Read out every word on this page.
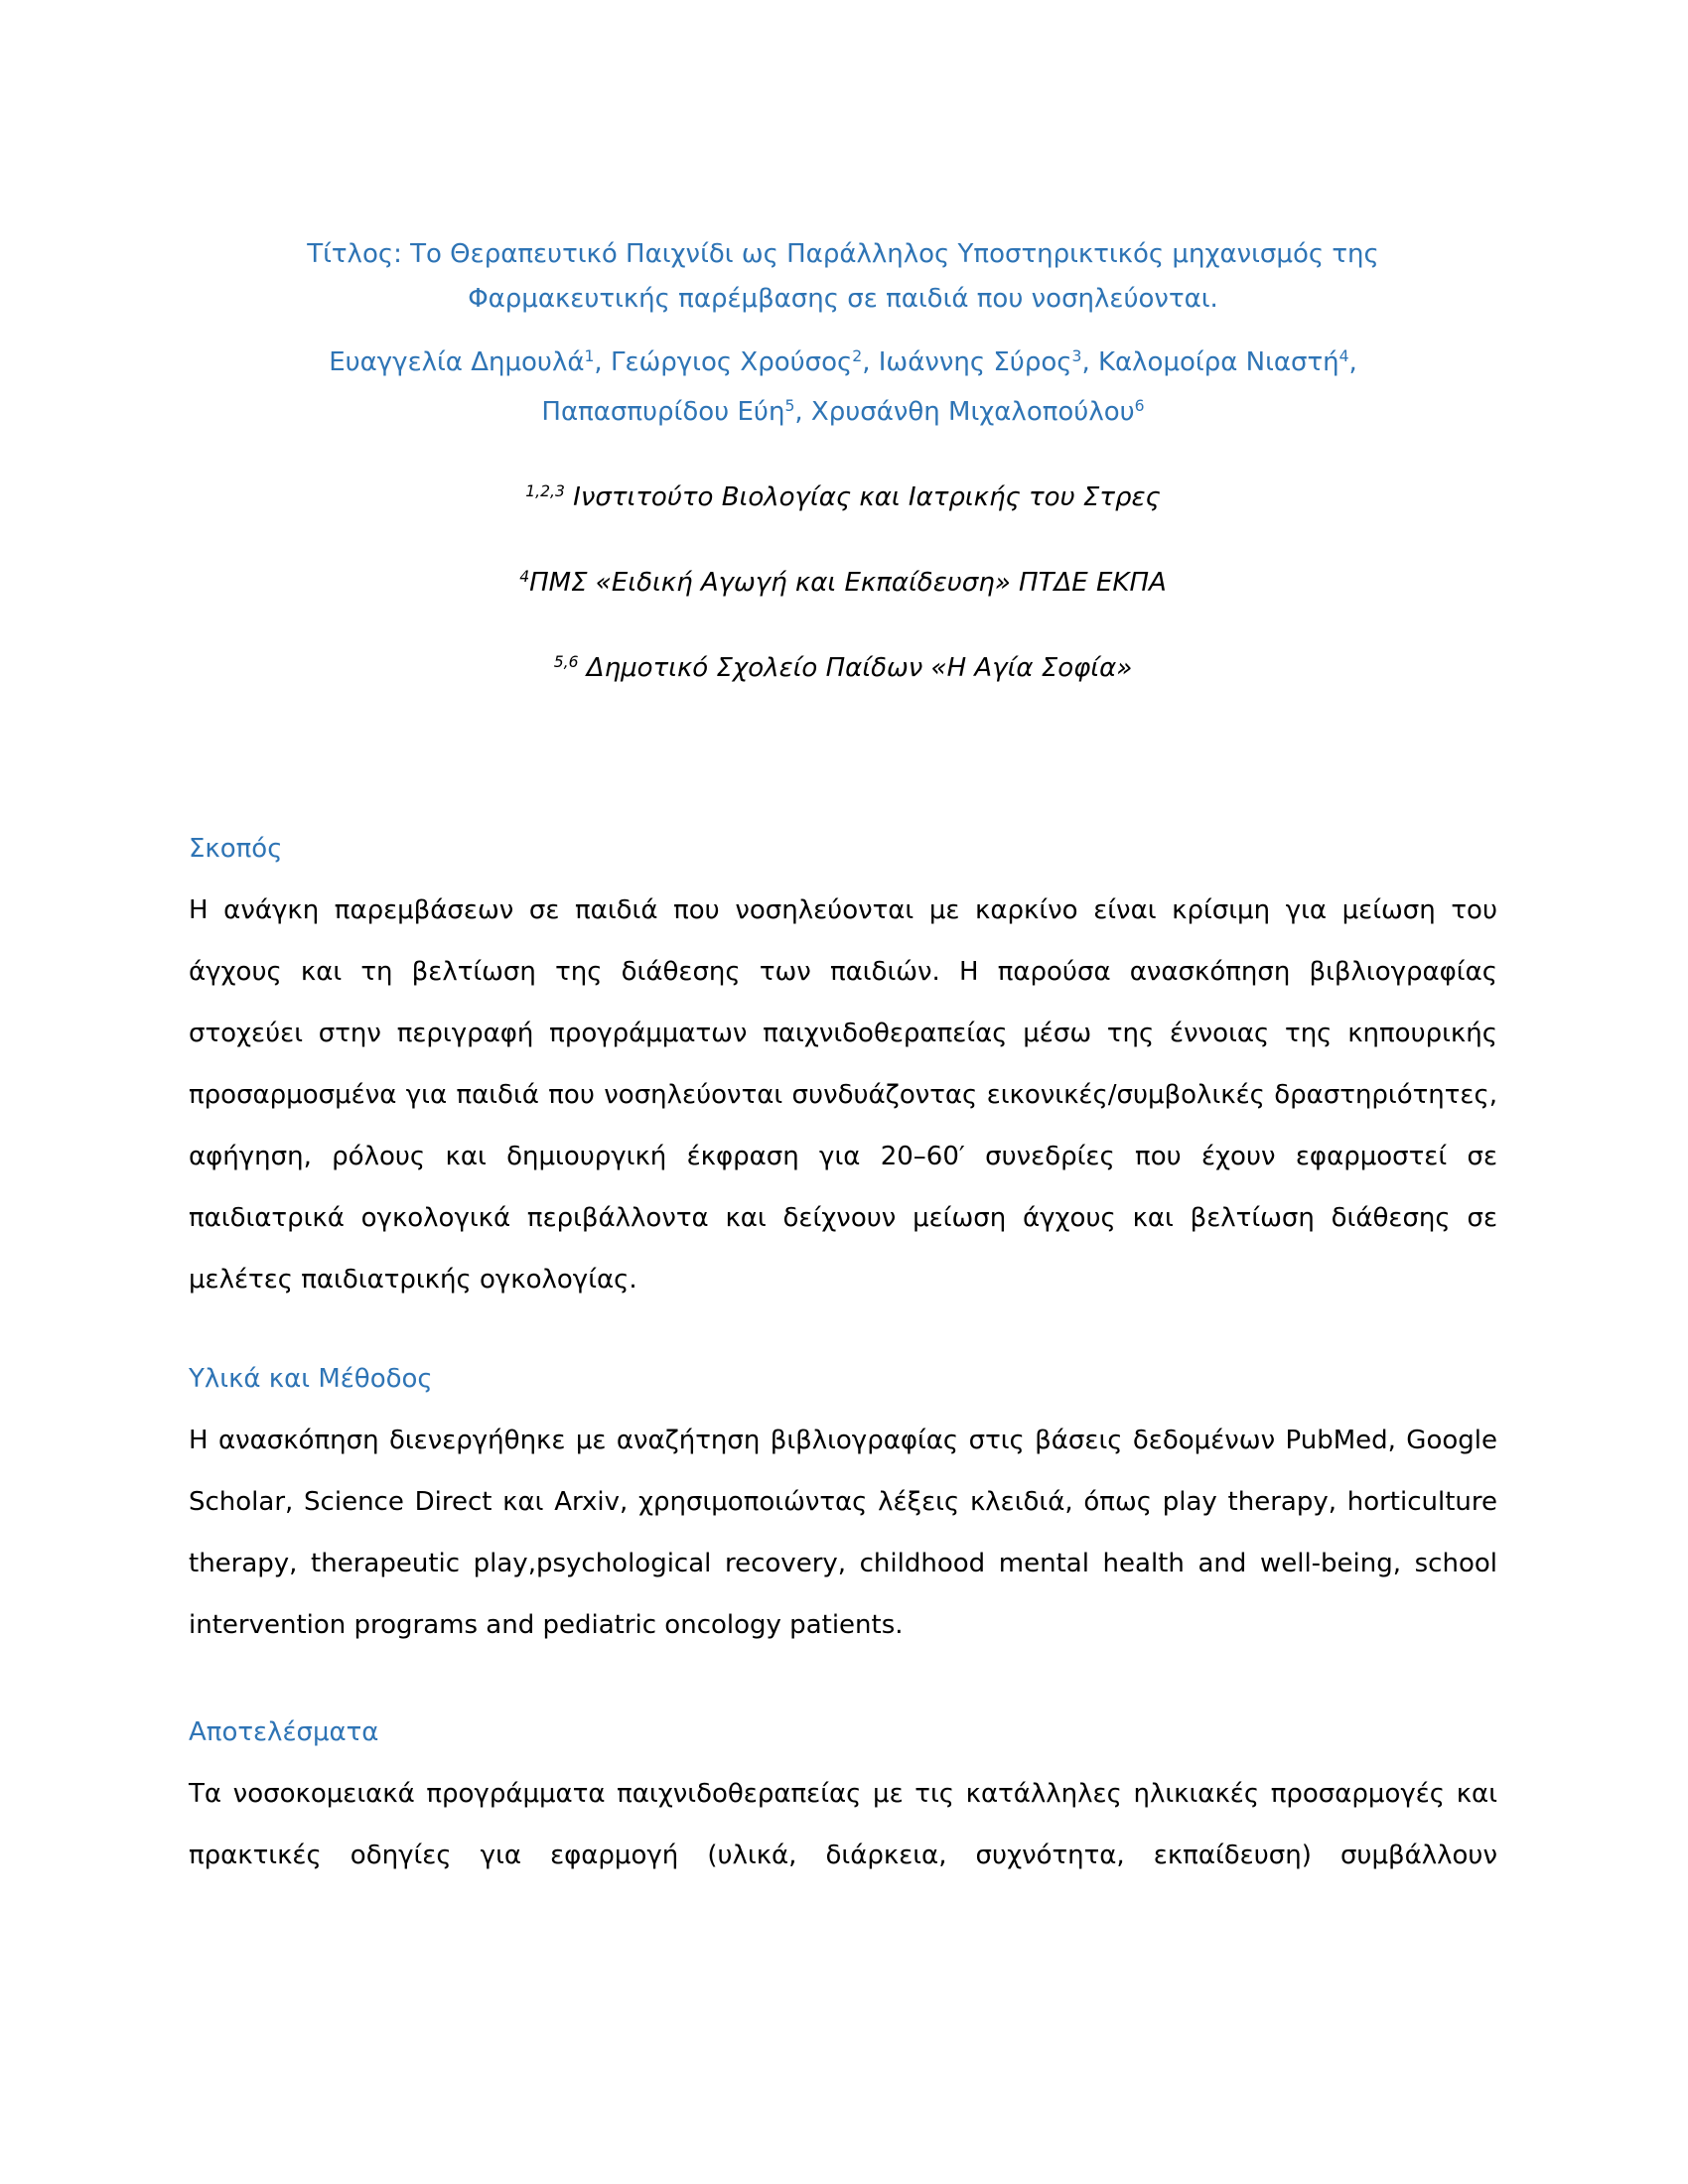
Τίτλος: Το Θεραπευτικό Παιχνίδι ως Παράλληλος Υποστηρικτικός μηχανισμός της
Φαρμακευτικής παρέμβασης σε παιδιά που νοσηλεύονται.

Ευαγγελία Δημουλά$^1$, Γεώργιος Χρούσος$^2$, Ιωάννης Σύρος$^3$, Καλομοίρα Νιαστή$^4$,
Παπασπυρίδου Εύη$^5$, Χρυσάνθη Μιχαλοπούλου$^6$

$^{1,2,3}$ Ινστιτούτο Βιολογίας και Ιατρικής του Στρες

$^4$ΠΜΣ «Ειδική Αγωγή και Εκπαίδευση» ΠΤΔΕ ΕΚΠΑ

$^{5,6}$ Δημοτικό Σχολείο Παίδων «Η Αγία Σοφία»

Σκοπός

Η ανάγκη παρεμβάσεων σε παιδιά που νοσηλεύονται με καρκίνο είναι κρίσιμη για μείωση του άγχους και τη βελτίωση της διάθεσης των παιδιών. Η παρούσα ανασκόπηση βιβλιογραφίας στοχεύει στην περιγραφή προγράμματων παιχνιδοθεραπείας μέσω της έννοιας της κηπουρικής προσαρμοσμένα για παιδιά που νοσηλεύονται συνδυάζοντας εικονικές/συμβολικές δραστηριότητες, αφήγηση, ρόλους και δημιουργική έκφραση για 20–60′ συνεδρίες που έχουν εφαρμοστεί σε παιδιατρικά ογκολογικά περιβάλλοντα και δείχνουν μείωση άγχους και βελτίωση διάθεσης σε μελέτες παιδιατρικής ογκολογίας.

Υλικά και Μέθοδος

Η ανασκόπηση διενεργήθηκε με αναζήτηση βιβλιογραφίας στις βάσεις δεδομένων PubMed, Google Scholar, Science Direct και Arxiv, χρησιμοποιώντας λέξεις κλειδιά, όπως play therapy, horticulture therapy, therapeutic play,psychological recovery, childhood mental health and well-being, school intervention programs and pediatric oncology patients.

Αποτελέσματα

Τα νοσοκομειακά προγράμματα παιχνιδοθεραπείας με τις κατάλληλες ηλικιακές προσαρμογές και πρακτικές οδηγίες για εφαρμογή (υλικά, διάρκεια, συχνότητα, εκπαίδευση) συμβάλλουν
